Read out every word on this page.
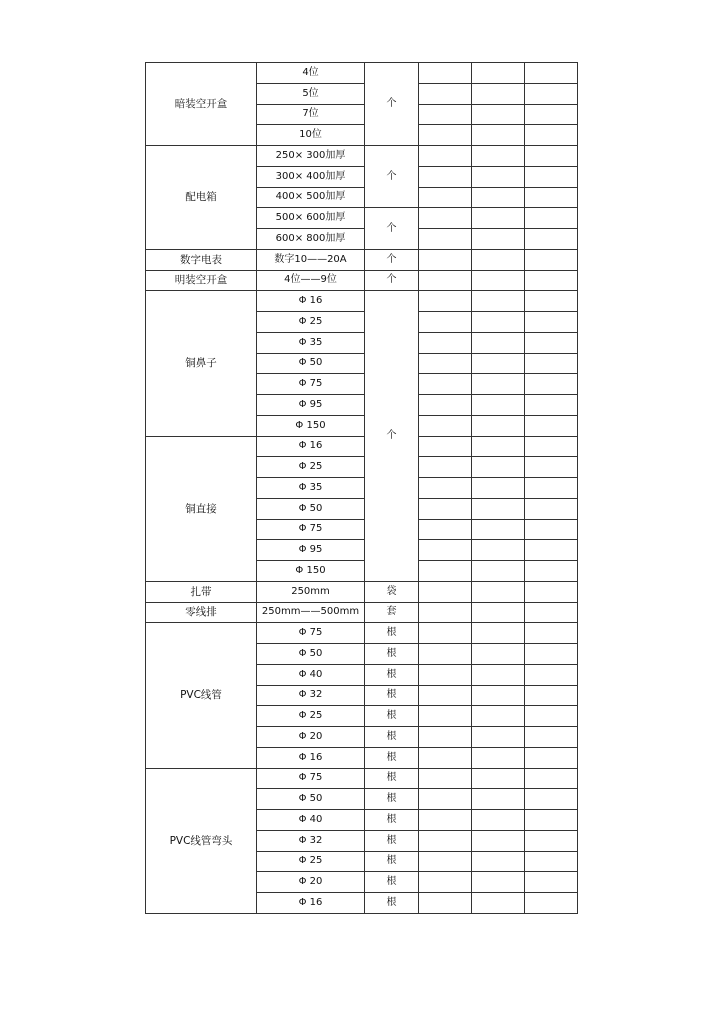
暗装空开盒	4位	个			
	5位				
	7位				
	10位				
配电箱	250× 300加厚	个			
	300× 400加厚				
	400× 500加厚				
	500× 600加厚	个			
	600× 800加厚				
数字电表	数字10——20A	个			
明装空开盒	4位——9位	个			
铜鼻子	Φ 16	个			
	Φ 25				
	Φ 35				
	Φ 50				
	Φ 75				
	Φ 95				
	Φ 150				
铜直接	Φ 16				
	Φ 25				
	Φ 35				
	Φ 50				
	Φ 75				
	Φ 95				
	Φ 150				
扎带	250mm	袋			
零线排	250mm——500mm	套			
PVC线管	Φ 75	根			
	Φ 50	根			
	Φ 40	根			
	Φ 32	根			
	Φ 25	根			
	Φ 20	根			
	Φ 16	根			
PVC线管弯头	Φ 75	根			
	Φ 50	根			
	Φ 40	根			
	Φ 32	根			
	Φ 25	根			
	Φ 20	根			
	Φ 16	根			
